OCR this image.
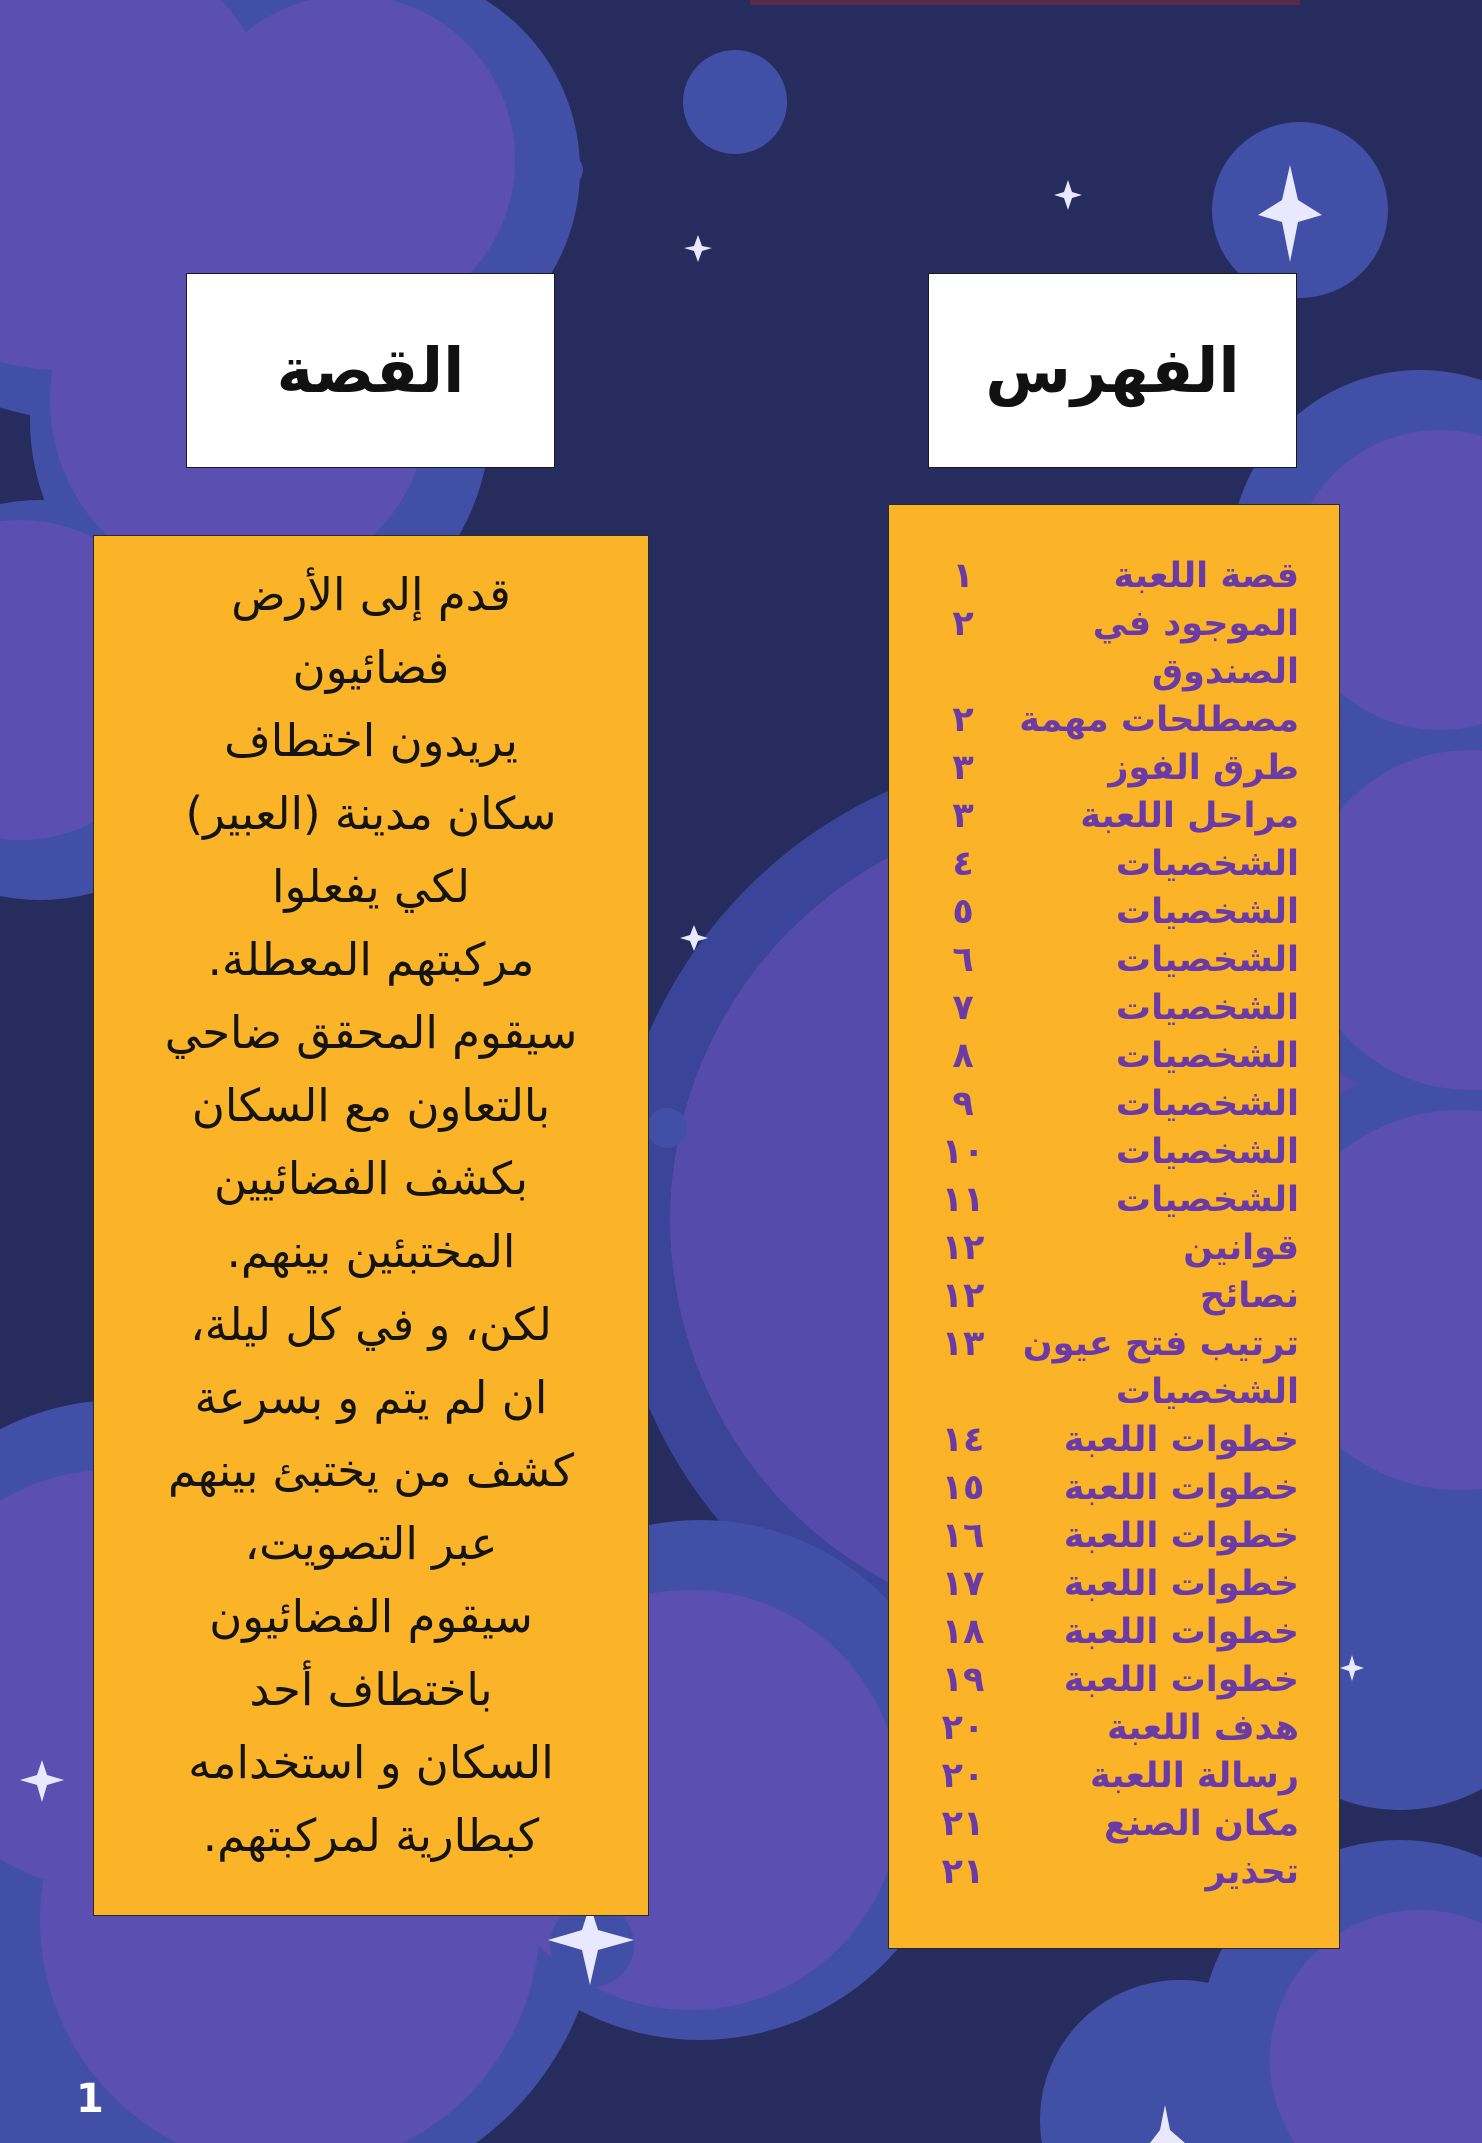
القصة	الفهرس
قدم إلى الأرض
فضائيون
يريدون اختطاف
سكان مدينة (العبير)
لكي يفعلوا
مركبتهم المعطلة.
سيقوم المحقق ضاحي
بالتعاون مع السكان
بكشف الفضائيين
المختبئين بينهم.
لكن، و في كل ليلة،
ان لم يتم و بسرعة
كشف من يختبئ بينهم
عبر التصويت،
سيقوم الفضائيون
باختطاف أحد
السكان و استخدامه
كبطارية لمركبتهم.
قصة اللعبة
١
الموجود في الصندوق
٢
مصطلحات مهمة
٢
طرق الفوز
٣
مراحل اللعبة
٣
الشخصيات
٤
الشخصيات
٥
الشخصيات
٦
الشخصيات
٧
الشخصيات
٨
الشخصيات
٩
الشخصيات
١٠
الشخصيات
١١
قوانين
١٢
نصائح
١٢
ترتيب فتح عيون الشخصيات
١٣
خطوات اللعبة
١٤
خطوات اللعبة
١٥
خطوات اللعبة
١٦
خطوات اللعبة
١٧
خطوات اللعبة
١٨
خطوات اللعبة
١٩
هدف اللعبة
٢٠
رسالة اللعبة
٢٠
مكان الصنع
٢١
تحذير
٢١
1
